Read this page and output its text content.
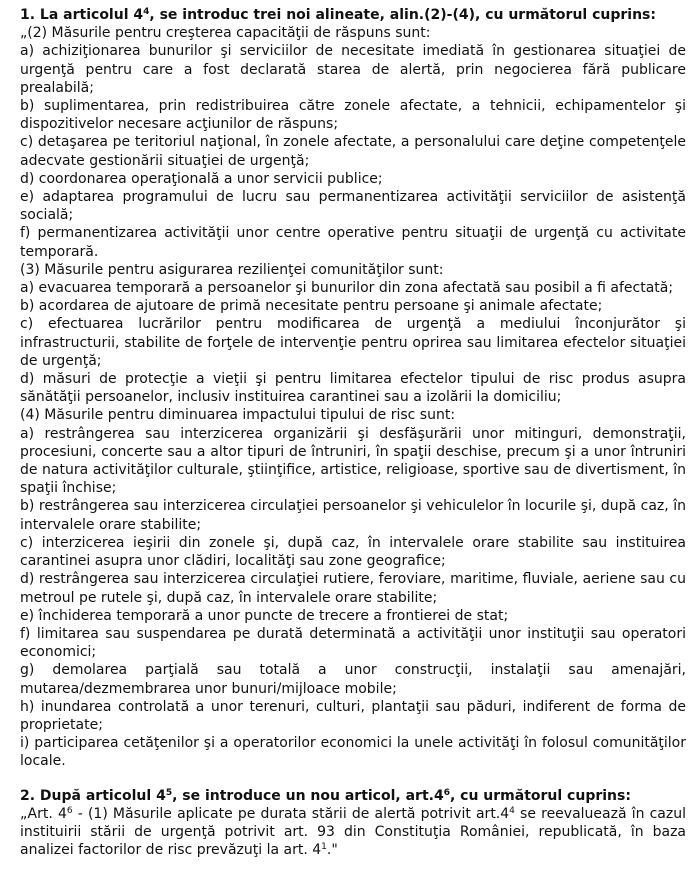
1. La articolul $4^4$, se introduc trei noi alineate, alin.(2)-(4), cu următorul cuprins:

„(2) Măsurile pentru creşterea capacităţii de răspuns sunt:

a) achiziţionarea bunurilor şi serviciilor de necesitate imediată în gestionarea situaţiei de urgenţă pentru care a fost declarată starea de alertă, prin negocierea fără publicare prealabilă;

b) suplimentarea, prin redistribuirea către zonele afectate, a tehnicii, echipamentelor şi dispozitivelor necesare acţiunilor de răspuns;

c) detaşarea pe teritoriul naţional, în zonele afectate, a personalului care deţine competenţele adecvate gestionării situaţiei de urgenţă;

d) coordonarea operaţională a unor servicii publice;

e) adaptarea programului de lucru sau permanentizarea activităţii serviciilor de asistenţă socială;

f) permanentizarea activităţii unor centre operative pentru situaţii de urgenţă cu activitate temporară.

(3) Măsurile pentru asigurarea rezilienţei comunităţilor sunt:

a) evacuarea temporară a persoanelor şi bunurilor din zona afectată sau posibil a fi afectată;

b) acordarea de ajutoare de primă necesitate pentru persoane şi animale afectate;

c) efectuarea lucrărilor pentru modificarea de urgenţă a mediului înconjurător şi infrastructurii, stabilite de forţele de intervenţie pentru oprirea sau limitarea efectelor situaţiei de urgenţă;

d) măsuri de protecţie a vieţii şi pentru limitarea efectelor tipului de risc produs asupra sănătăţii persoanelor, inclusiv instituirea carantinei sau a izolării la domiciliu;

(4) Măsurile pentru diminuarea impactului tipului de risc sunt:

a) restrângerea sau interzicerea organizării şi desfăşurării unor mitinguri, demonstraţii, procesiuni, concerte sau a altor tipuri de întruniri, în spaţii deschise, precum şi a unor întruniri de natura activităţilor culturale, ştiinţifice, artistice, religioase, sportive sau de divertisment, în spaţii închise;

b) restrângerea sau interzicerea circulaţiei persoanelor şi vehiculelor în locurile şi, după caz, în intervalele orare stabilite;

c) interzicerea ieşirii din zonele şi, după caz, în intervalele orare stabilite sau instituirea carantinei asupra unor clădiri, localităţi sau zone geografice;

d) restrângerea sau interzicerea circulaţiei rutiere, feroviare, maritime, fluviale, aeriene sau cu metroul pe rutele şi, după caz, în intervalele orare stabilite;

e) închiderea temporară a unor puncte de trecere a frontierei de stat;

f) limitarea sau suspendarea pe durată determinată a activităţii unor instituţii sau operatori economici;

g) demolarea parţială sau totală a unor construcţii, instalaţii sau amenajări, mutarea/dezmembrarea unor bunuri/mijloace mobile;

h) inundarea controlată a unor terenuri, culturi, plantaţii sau păduri, indiferent de forma de proprietate;

i) participarea cetăţenilor şi a operatorilor economici la unele activităţi în folosul comunităţilor locale.

2. După articolul $4^5$, se introduce un nou articol, $art.4^6$, cu următorul cuprins:

„Art. $4^6 - (1)$ Măsurile aplicate pe durata stării de alertă potrivit $art.4^4$ se reevaluează în cazul instituirii stării de urgenţă potrivit art. 93 din Constituţia României, republicată, în baza analizei factorilor de risc prevăzuţi la art. $4^1$."
